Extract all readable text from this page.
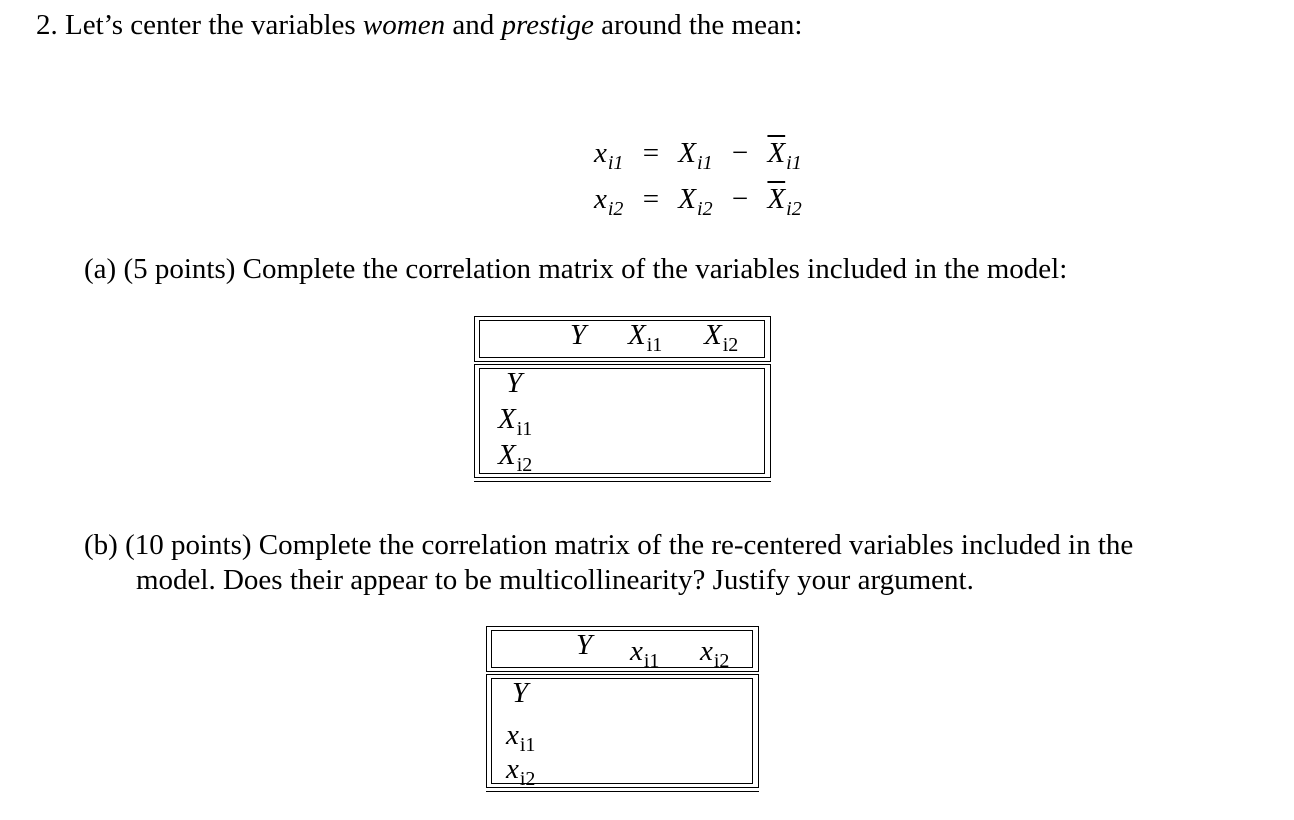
2. Let’s center the variables women and prestige around the mean:
$x_{i1} = X_{i1} - \overline{X}_{i1}$
$x_{i2} = X_{i2} - \overline{X}_{i2}$
(a) (5 points) Complete the correlation matrix of the variables included in the model:
Y $X_{i1}$ $X_{i2}$
Y
$X_{i1}$
$X_{i2}$
(b) (10 points) Complete the correlation matrix of the re-centered variables included in the
model. Does their appear to be multicollinearity? Justify your argument.
Y $x_{i1}$ $x_{i2}$
Y
$x_{i1}$
$x_{i2}$
